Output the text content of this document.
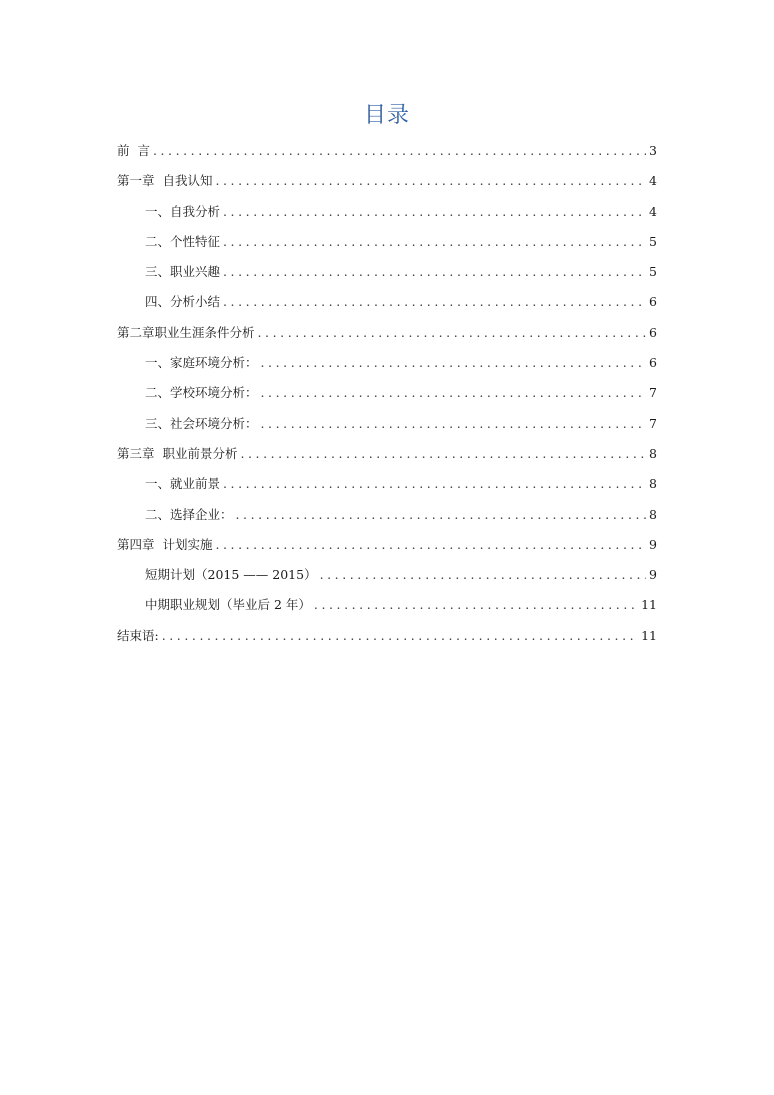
目录
前  言 . . .	3
第一章  自我认知 . . .	4
一、自我分析 . . .	4
二、个性特征 . . .	5
三、职业兴趣 . . .	5
四、分析小结 . . .	6
第二章职业生涯条件分析 . . .	6
一、家庭环境分析： . . .	6
二、学校环境分析： . . .	7
三、社会环境分析： . . .	7
第三章  职业前景分析 . . .	8
一、就业前景 . . .	8
二、选择企业： . . .	8
第四章  计划实施 . . .	9
短期计划（2015 —— 2015） . . .	9
中期职业规划（毕业后 2 年） . . .	11
结束语: . . .	11
